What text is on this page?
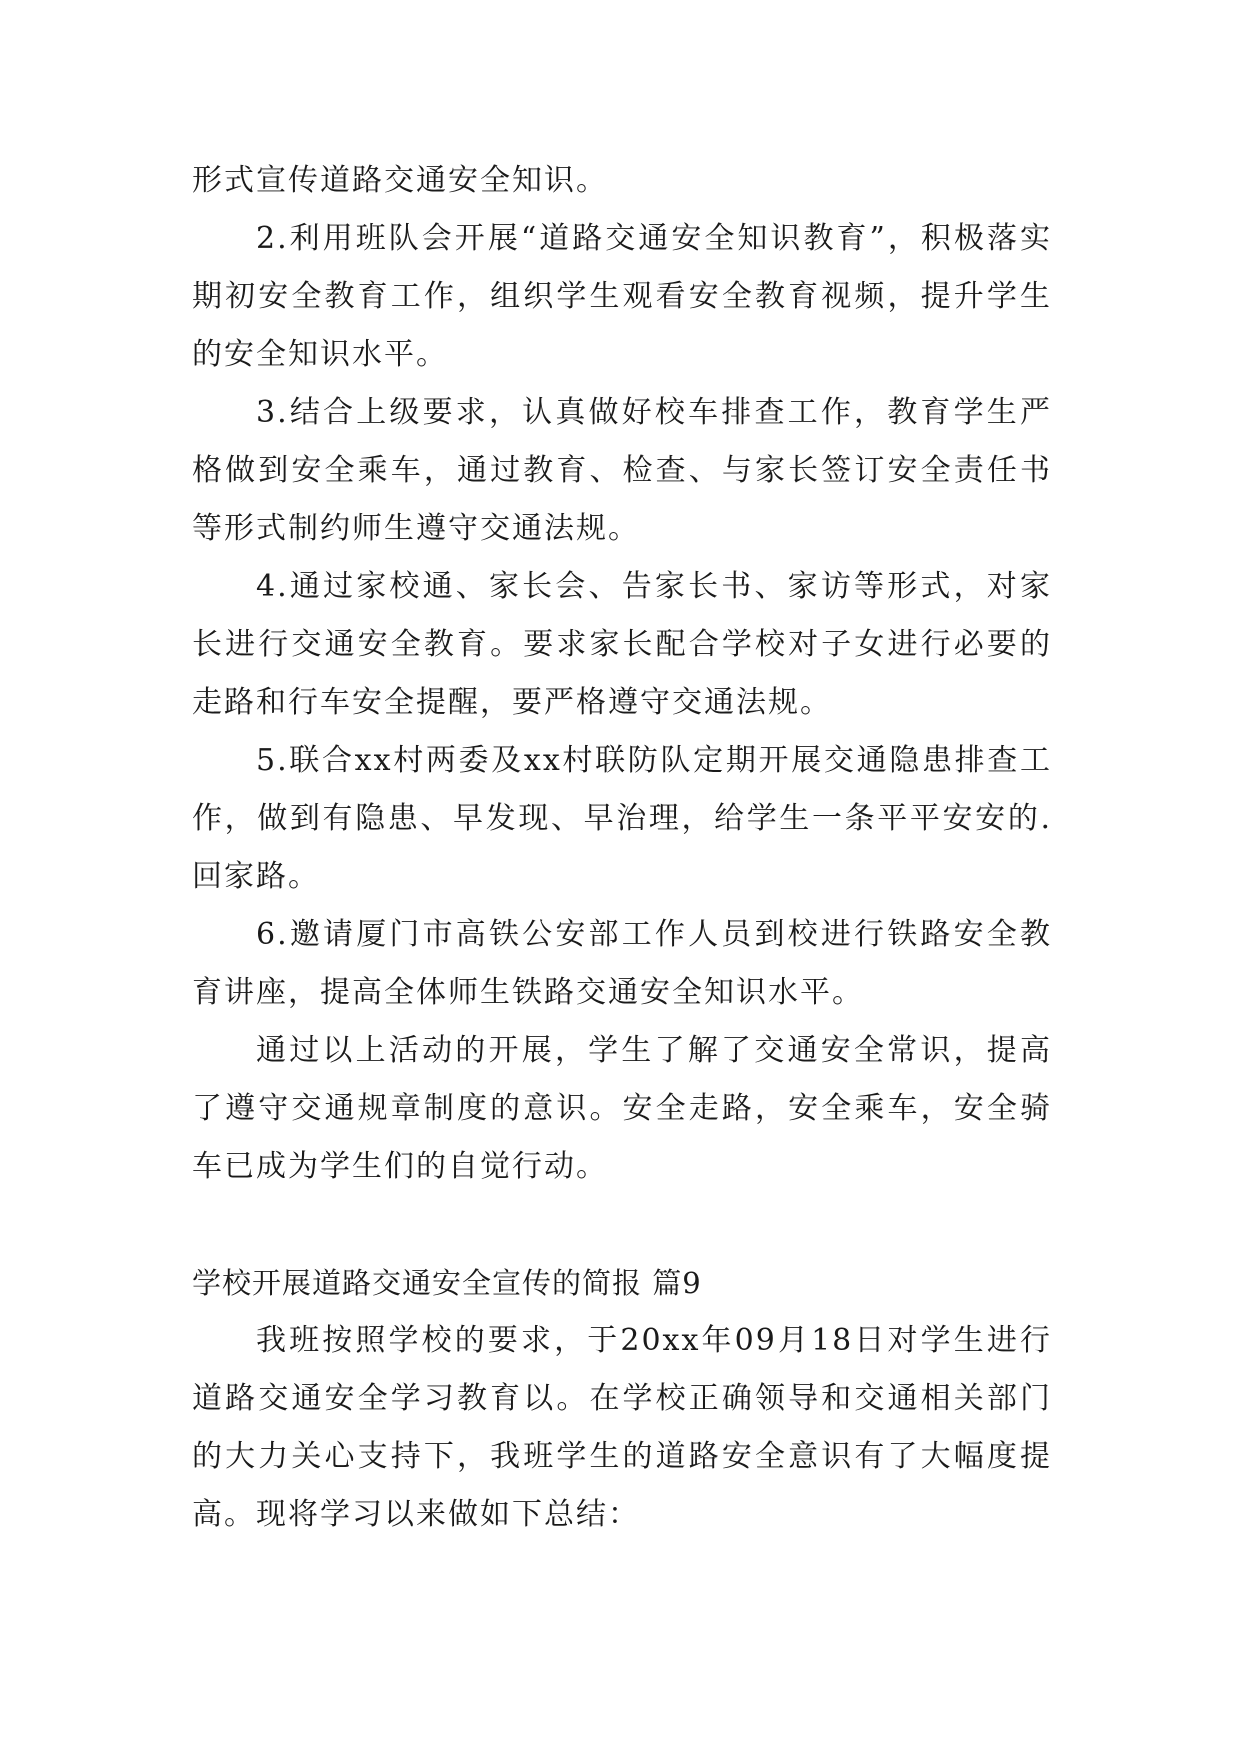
形式宣传道路交通安全知识。

2.利用班队会开展“道路交通安全知识教育”，积极落实期初安全教育工作，组织学生观看安全教育视频，提升学生的安全知识水平。

3.结合上级要求，认真做好校车排查工作，教育学生严格做到安全乘车，通过教育、检查、与家长签订安全责任书等形式制约师生遵守交通法规。

4.通过家校通、家长会、告家长书、家访等形式，对家长进行交通安全教育。要求家长配合学校对子女进行必要的走路和行车安全提醒，要严格遵守交通法规。

5.联合xx村两委及xx村联防队定期开展交通隐患排查工作，做到有隐患、早发现、早治理，给学生一条平平安安的.回家路。

6.邀请厦门市高铁公安部工作人员到校进行铁路安全教育讲座，提高全体师生铁路交通安全知识水平。

通过以上活动的开展，学生了解了交通安全常识，提高了遵守交通规章制度的意识。安全走路，安全乘车，安全骑车已成为学生们的自觉行动。

学校开展道路交通安全宣传的简报 篇9

我班按照学校的要求，于20xx年09月18日对学生进行道路交通安全学习教育以。在学校正确领导和交通相关部门的大力关心支持下，我班学生的道路安全意识有了大幅度提高。现将学习以来做如下总结：
